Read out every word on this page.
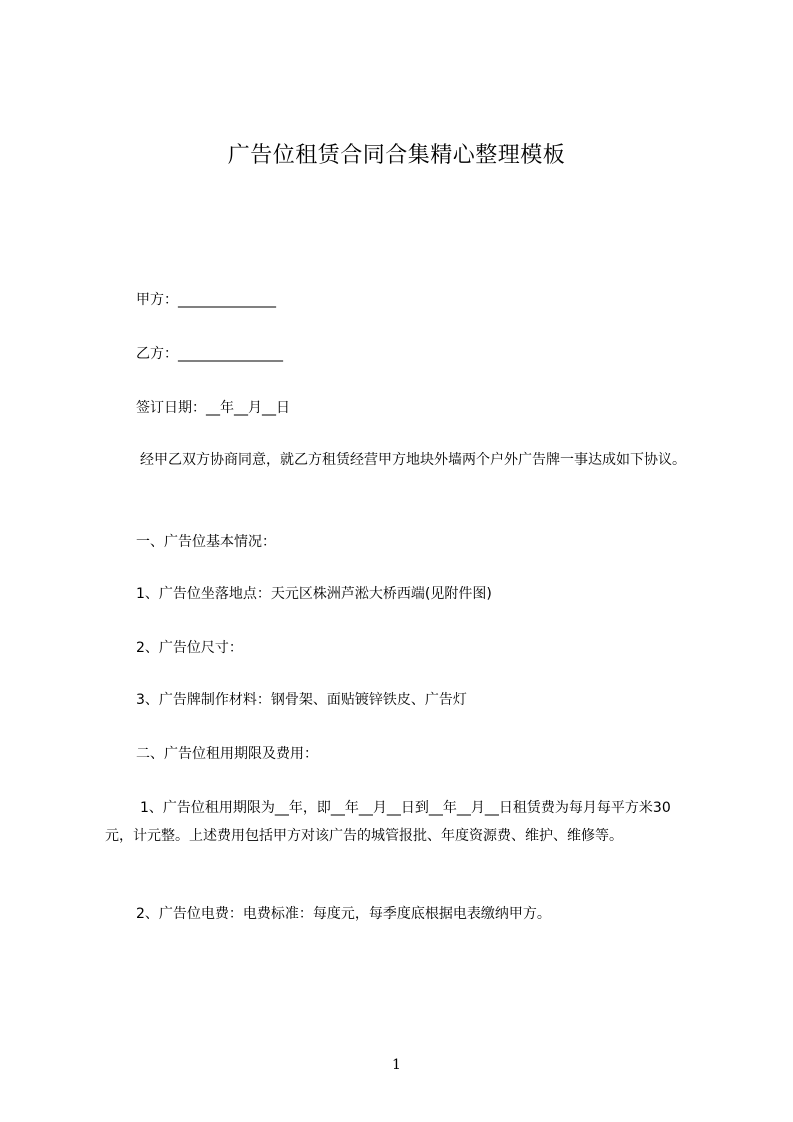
广告位租赁合同合集精心整理模板
甲方：______________
乙方：_______________
签订日期：__年__月__日
经甲乙双方协商同意，就乙方租赁经营甲方地块外墙两个户外广告牌一事达成如下协议。
一、广告位基本情况：
1、广告位坐落地点：天元区株洲芦淞大桥西端(见附件图)
2、广告位尺寸：
3、广告牌制作材料：钢骨架、面贴镀锌铁皮、广告灯
二、广告位租用期限及费用：
1、广告位租用期限为__年，即__年__月__日到__年__月__日租赁费为每月每平方米30元，计元整。上述费用包括甲方对该广告的城管报批、年度资源费、维护、维修等。
2、广告位电费：电费标准：每度元，每季度底根据电表缴纳甲方。
1
